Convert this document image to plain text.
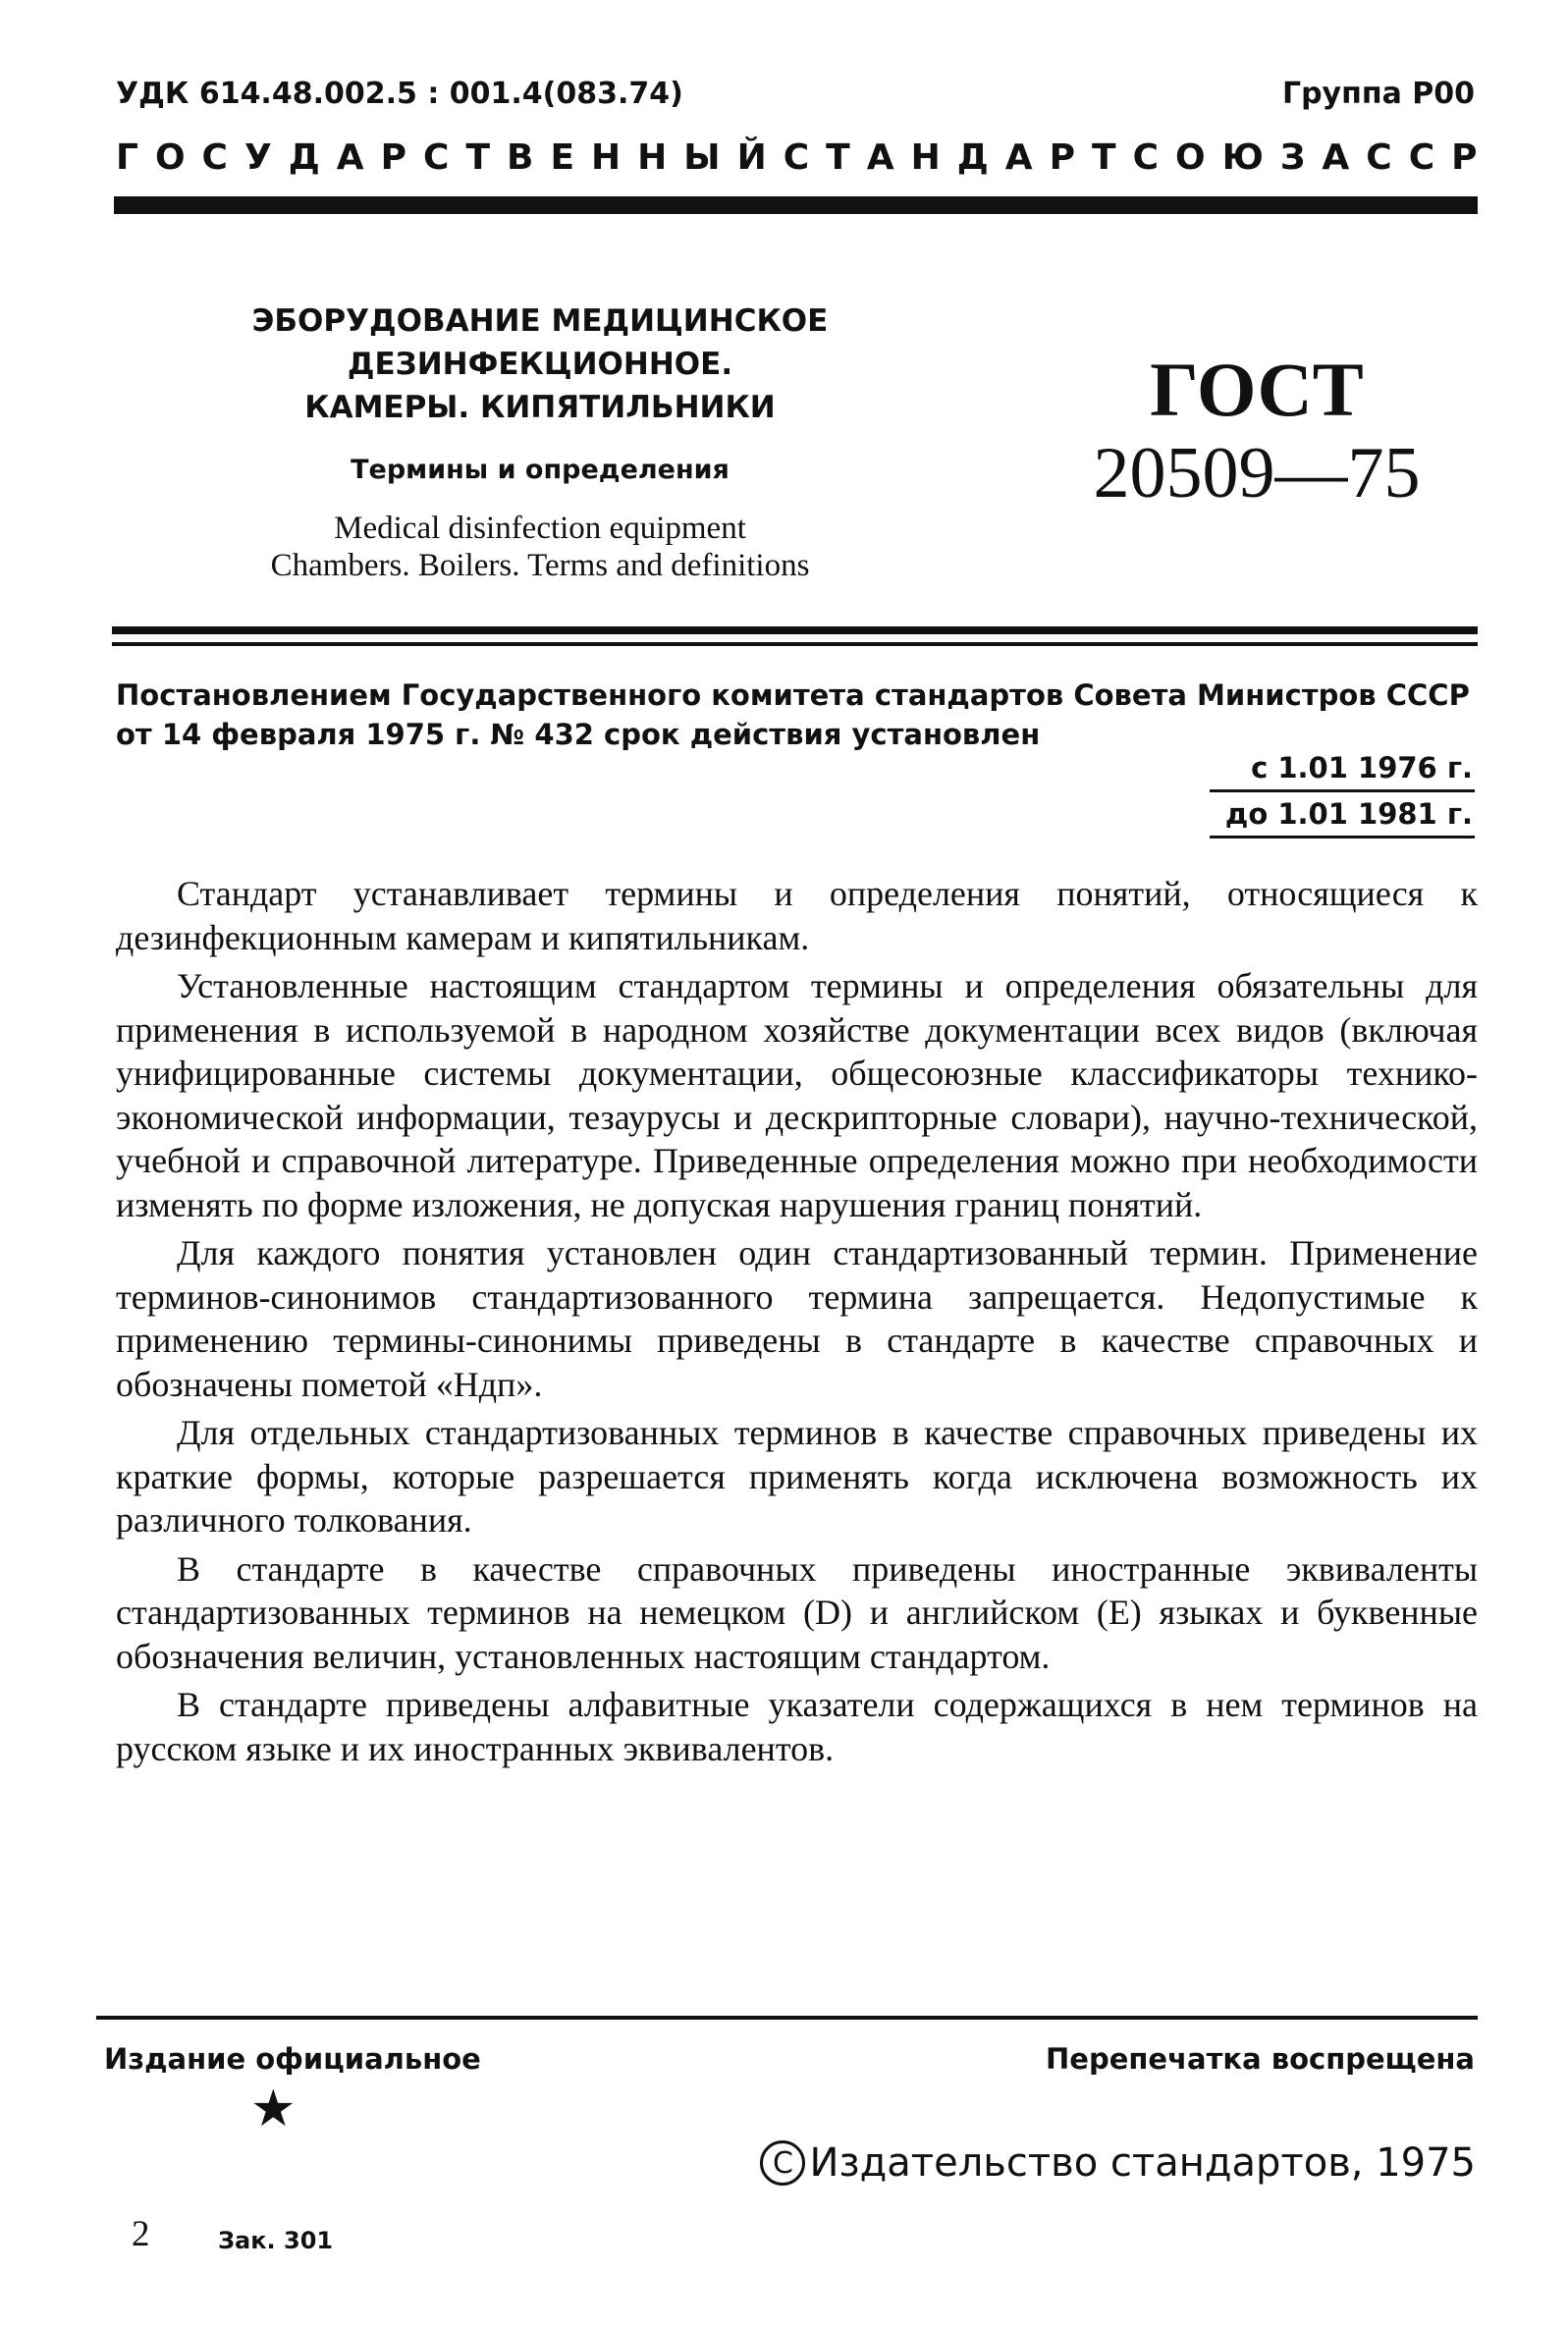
УДК 614.48.002.5 : 001.4(083.74)	Группа Р00
ГОСУДАРСТВЕННЫЙ СТАНДАРТ СОЮЗА ССР
ЭБОРУДОВАНИЕ МЕДИЦИНСКОЕ ДЕЗИНФЕКЦИОННОЕ.
КАМЕРЫ. КИПЯТИЛЬНИКИ
Термины и определения
Medical disinfection equipment
Chambers. Boilers. Terms and definitions
ГОСТ
20509—75
Постановлением Государственного комитета стандартов Совета Министров СССР от 14 февраля 1975 г. № 432 срок действия установлен
с 1.01 1976 г.
до 1.01 1981 г.

Стандарт устанавливает термины и определения понятий, относящиеся к дезинфекционным камерам и кипятильникам.

Установленные настоящим стандартом термины и определения обязательны для применения в используемой в народном хозяйстве документации всех видов (включая унифицированные системы документации, общесоюзные классификаторы технико-экономической информации, тезаурусы и дескрипторные словари), научно-технической, учебной и справочной литературе. Приведенные определения можно при необходимости изменять по форме изложения, не допуская нарушения границ понятий.

Для каждого понятия установлен один стандартизованный термин. Применение терминов-синонимов стандартизованного термина запрещается. Недопустимые к применению термины-синонимы приведены в стандарте в качестве справочных и обозначены пометой «Ндп».

Для отдельных стандартизованных терминов в качестве справочных приведены их краткие формы, которые разрешается применять когда исключена возможность их различного толкования.

В стандарте в качестве справочных приведены иностранные эквиваленты стандартизованных терминов на немецком (D) и английском (E) языках и буквенные обозначения величин, установленных настоящим стандартом.

В стандарте приведены алфавитные указатели содержащихся в нем терминов на русском языке и их иностранных эквивалентов.

Издание официальное	Перепечатка воспрещена
★
C Издательство стандартов, 1975
2	Зак. 301
